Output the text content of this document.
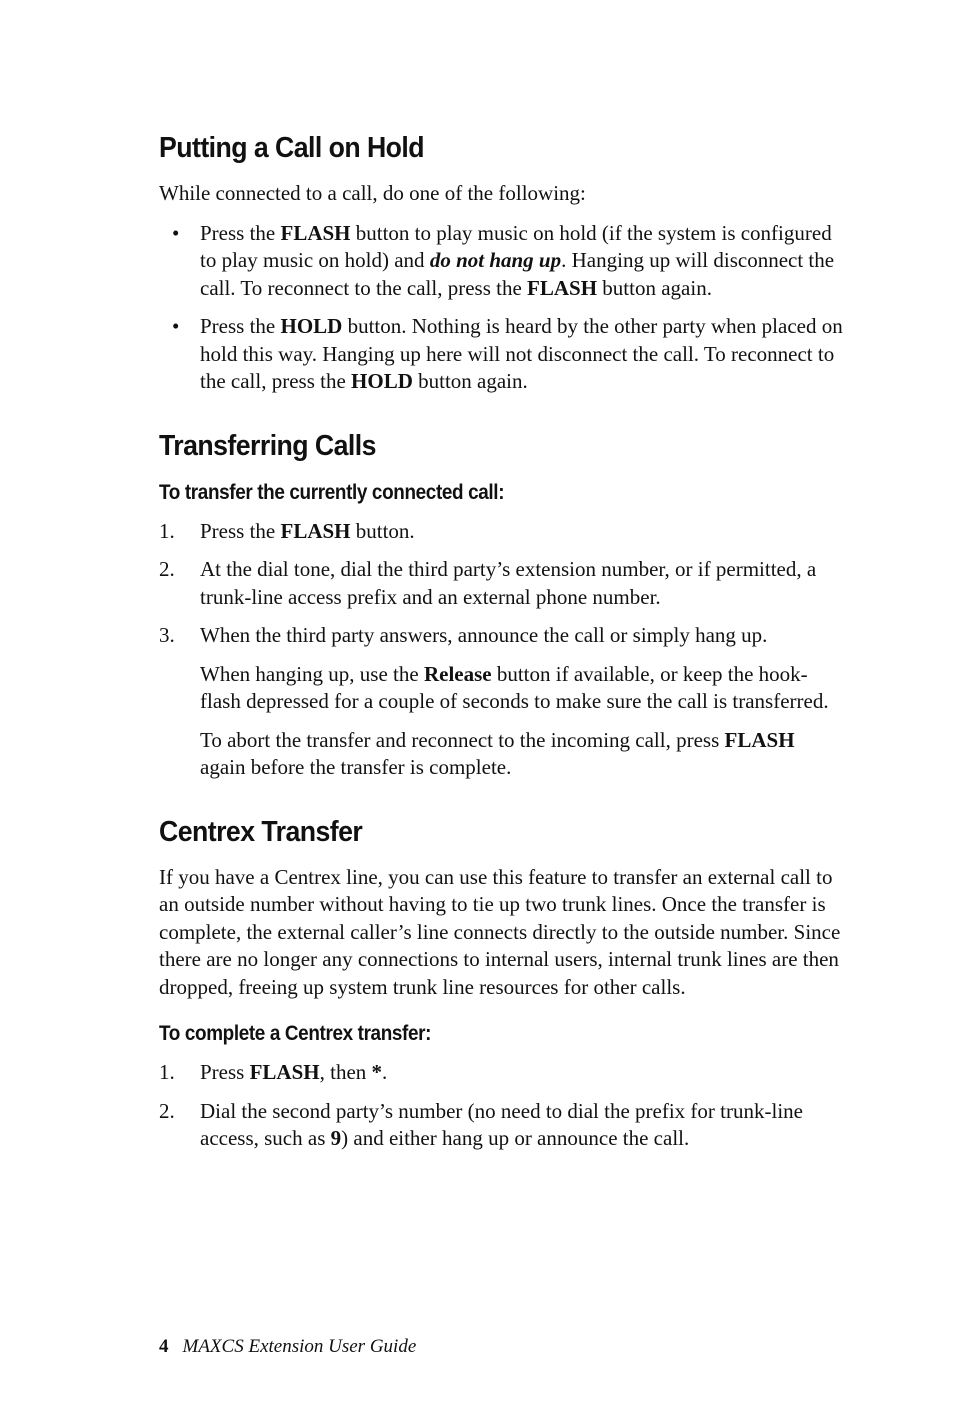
Putting a Call on Hold

While connected to a call, do one of the following:

• Press the FLASH button to play music on hold (if the system is configured to play music on hold) and do not hang up. Hanging up will disconnect the call. To reconnect to the call, press the FLASH button again.
• Press the HOLD button. Nothing is heard by the other party when placed on hold this way. Hanging up here will not disconnect the call. To reconnect to the call, press the HOLD button again.
Transferring Calls
To transfer the currently connected call:
1. Press the FLASH button.
2. At the dial tone, dial the third party’s extension number, or if permitted, a trunk-line access prefix and an external phone number.
3. When the third party answers, announce the call or simply hang up.

When hanging up, use the Release button if available, or keep the hook-flash depressed for a couple of seconds to make sure the call is transferred.

To abort the transfer and reconnect to the incoming call, press FLASH again before the transfer is complete.

Centrex Transfer

If you have a Centrex line, you can use this feature to transfer an external call to an outside number without having to tie up two trunk lines. Once the transfer is complete, the external caller’s line connects directly to the outside number. Since there are no longer any connections to internal users, internal trunk lines are then dropped, freeing up system trunk line resources for other calls.

To complete a Centrex transfer:
1. Press FLASH, then *.
2. Dial the second party’s number (no need to dial the prefix for trunk-line access, such as 9) and either hang up or announce the call.
4 MAXCS Extension User Guide
